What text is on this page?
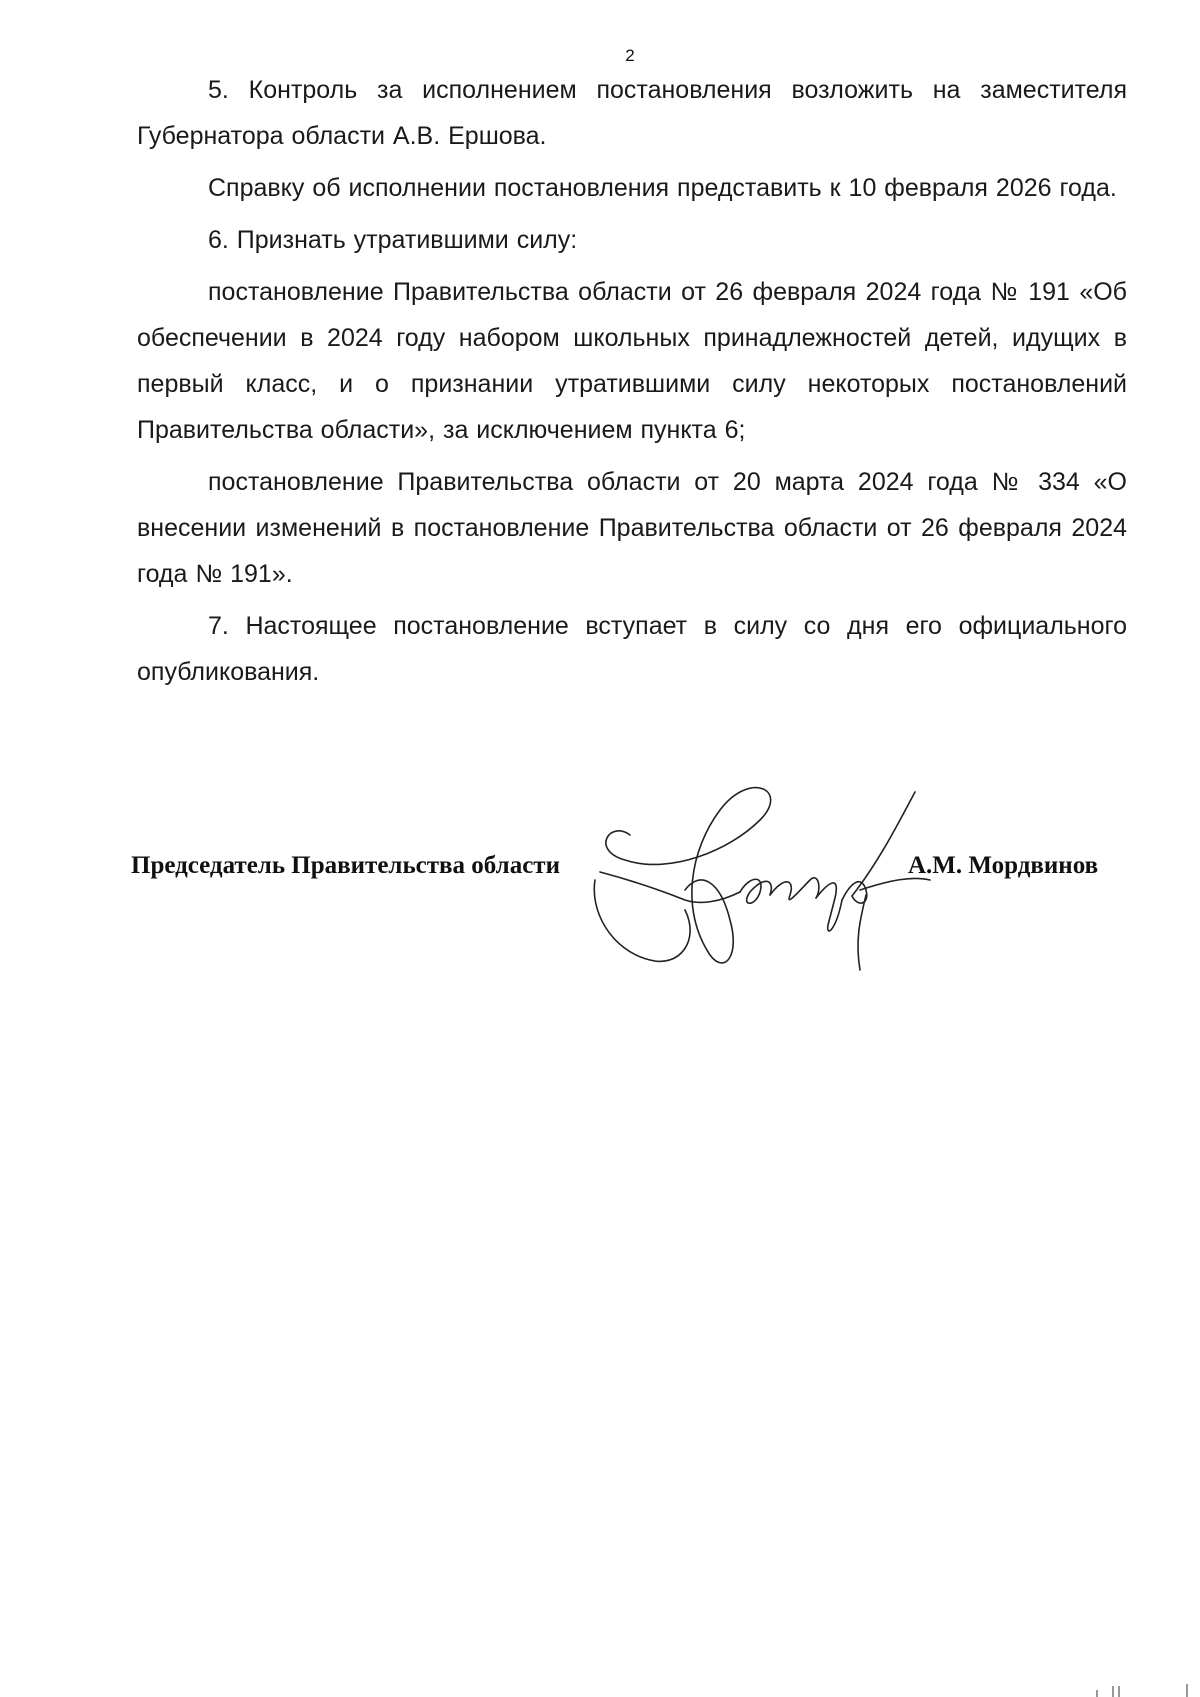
2

5. Контроль за исполнением постановления возложить на заместителя Губернатора области А.В. Ершова.

Справку об исполнении постановления представить к 10 февраля 2026 года.

6. Признать утратившими силу:

постановление Правительства области от 26 февраля 2024 года № 191 «Об обеспечении в 2024 году набором школьных принадлежностей детей, идущих в первый класс, и о признании утратившими силу некоторых постановлений Правительства области», за исключением пункта 6;

постановление Правительства области от 20 марта 2024 года № 334 «О внесении изменений в постановление Правительства области от 26 февраля 2024 года № 191».

7. Настоящее постановление вступает в силу со дня его официального опубликования.

Председатель Правительства области	А.М. Мордвинов
